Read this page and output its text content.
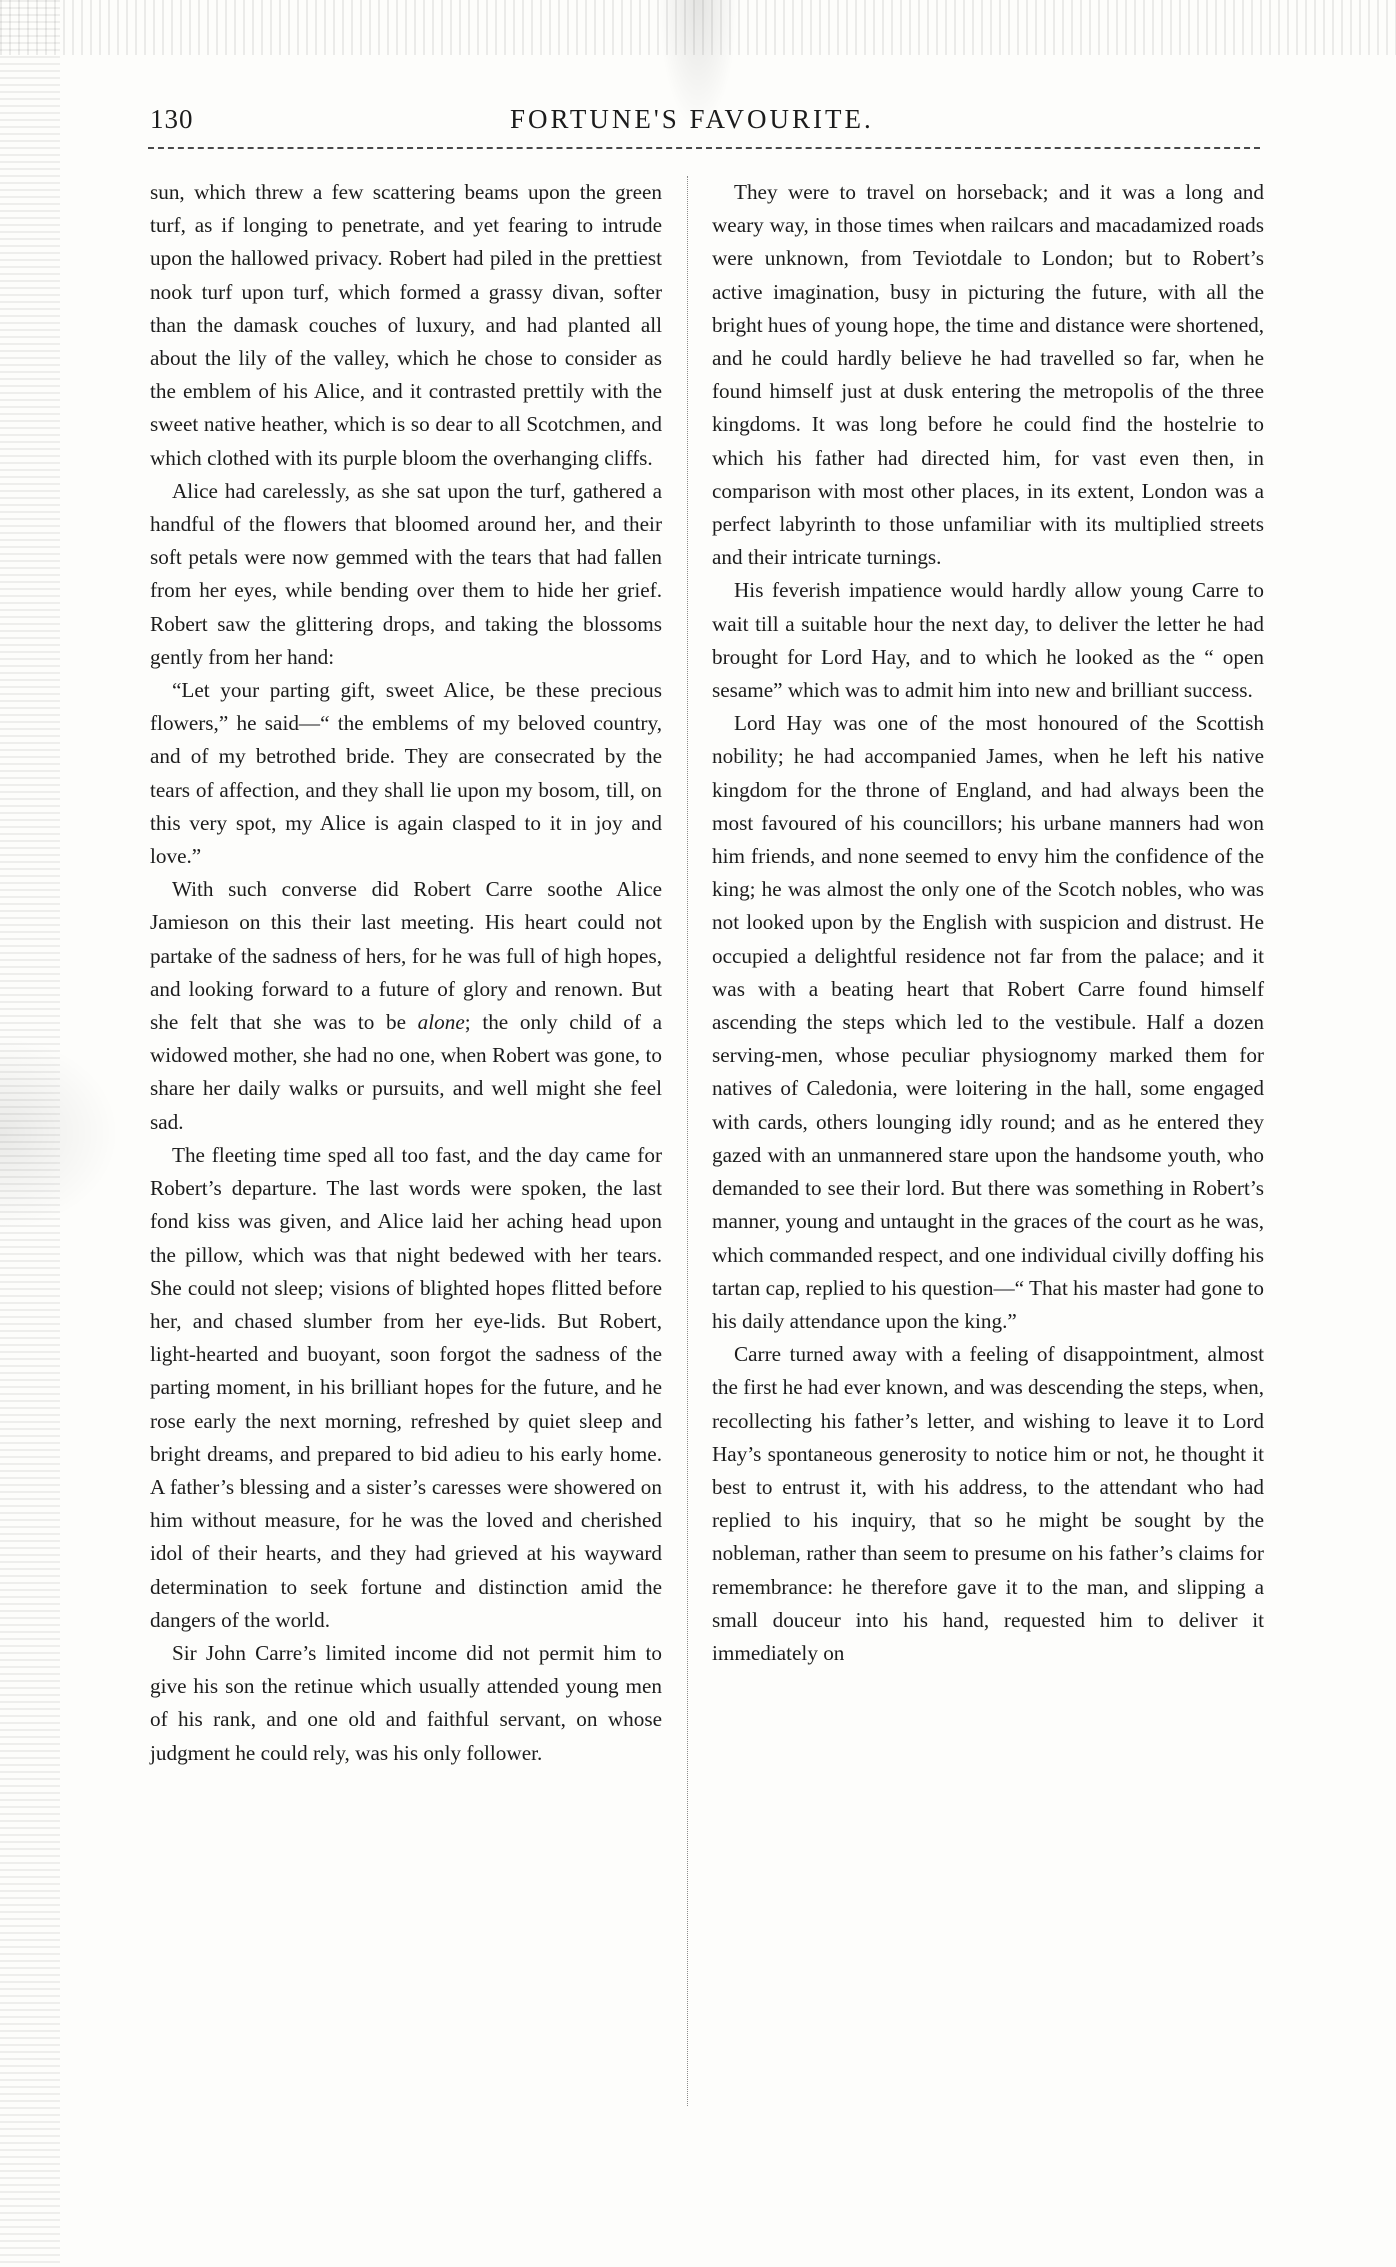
130	FORTUNE'S FAVOURITE.

sun, which threw a few scattering beams upon the green turf, as if longing to penetrate, and yet fearing to intrude upon the hallowed privacy. Robert had piled in the prettiest nook turf upon turf, which formed a grassy divan, softer than the damask couches of luxury, and had planted all about the lily of the valley, which he chose to consider as the emblem of his Alice, and it contrasted prettily with the sweet native heather, which is so dear to all Scotchmen, and which clothed with its purple bloom the overhanging cliffs.

Alice had carelessly, as she sat upon the turf, gathered a handful of the flowers that bloomed around her, and their soft petals were now gemmed with the tears that had fallen from her eyes, while bending over them to hide her grief. Robert saw the glittering drops, and taking the blossoms gently from her hand:

“Let your parting gift, sweet Alice, be these precious flowers,” he said—“ the emblems of my beloved country, and of my betrothed bride. They are consecrated by the tears of affection, and they shall lie upon my bosom, till, on this very spot, my Alice is again clasped to it in joy and love.”

With such converse did Robert Carre soothe Alice Jamieson on this their last meeting. His heart could not partake of the sadness of hers, for he was full of high hopes, and looking forward to a future of glory and renown. But she felt that she was to be alone; the only child of a widowed mother, she had no one, when Robert was gone, to share her daily walks or pursuits, and well might she feel sad.

The fleeting time sped all too fast, and the day came for Robert’s departure. The last words were spoken, the last fond kiss was given, and Alice laid her aching head upon the pillow, which was that night bedewed with her tears. She could not sleep; visions of blighted hopes flitted before her, and chased slumber from her eye-lids. But Robert, light-hearted and buoyant, soon forgot the sadness of the parting moment, in his brilliant hopes for the future, and he rose early the next morning, refreshed by quiet sleep and bright dreams, and prepared to bid adieu to his early home. A father’s blessing and a sister’s caresses were showered on him without measure, for he was the loved and cherished idol of their hearts, and they had grieved at his wayward determination to seek fortune and distinction amid the dangers of the world.

Sir John Carre’s limited income did not permit him to give his son the retinue which usually attended young men of his rank, and one old and faithful servant, on whose judgment he could rely, was his only follower.

They were to travel on horseback; and it was a long and weary way, in those times when railcars and macadamized roads were unknown, from Teviotdale to London; but to Robert’s active imagination, busy in picturing the future, with all the bright hues of young hope, the time and distance were shortened, and he could hardly believe he had travelled so far, when he found himself just at dusk entering the metropolis of the three kingdoms. It was long before he could find the hostelrie to which his father had directed him, for vast even then, in comparison with most other places, in its extent, London was a perfect labyrinth to those unfamiliar with its multiplied streets and their intricate turnings.

His feverish impatience would hardly allow young Carre to wait till a suitable hour the next day, to deliver the letter he had brought for Lord Hay, and to which he looked as the “ open sesame” which was to admit him into new and brilliant success.

Lord Hay was one of the most honoured of the Scottish nobility; he had accompanied James, when he left his native kingdom for the throne of England, and had always been the most favoured of his councillors; his urbane manners had won him friends, and none seemed to envy him the confidence of the king; he was almost the only one of the Scotch nobles, who was not looked upon by the English with suspicion and distrust. He occupied a delightful residence not far from the palace; and it was with a beating heart that Robert Carre found himself ascending the steps which led to the vestibule. Half a dozen serving-men, whose peculiar physiognomy marked them for natives of Caledonia, were loitering in the hall, some engaged with cards, others lounging idly round; and as he entered they gazed with an unmannered stare upon the handsome youth, who demanded to see their lord. But there was something in Robert’s manner, young and untaught in the graces of the court as he was, which commanded respect, and one individual civilly doffing his tartan cap, replied to his question—“ That his master had gone to his daily attendance upon the king.”

Carre turned away with a feeling of disappointment, almost the first he had ever known, and was descending the steps, when, recollecting his father’s letter, and wishing to leave it to Lord Hay’s spontaneous generosity to notice him or not, he thought it best to entrust it, with his address, to the attendant who had replied to his inquiry, that so he might be sought by the nobleman, rather than seem to presume on his father’s claims for remembrance: he therefore gave it to the man, and slipping a small douceur into his hand, requested him to deliver it immediately on
